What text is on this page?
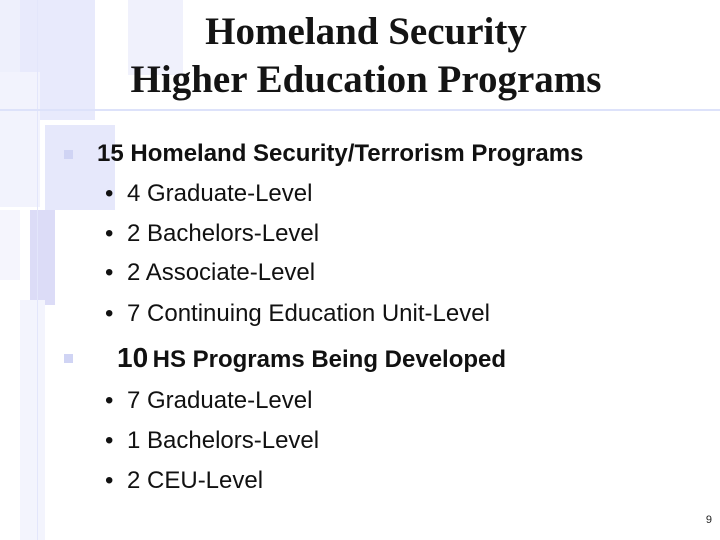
Homeland Security
Higher Education Programs
15 Homeland Security/Terrorism Programs
• 4 Graduate-Level
• 2 Bachelors-Level
• 2 Associate-Level
• 7 Continuing Education Unit-Level
10 HS Programs Being Developed
• 7 Graduate-Level
• 1 Bachelors-Level
• 2 CEU-Level
9
